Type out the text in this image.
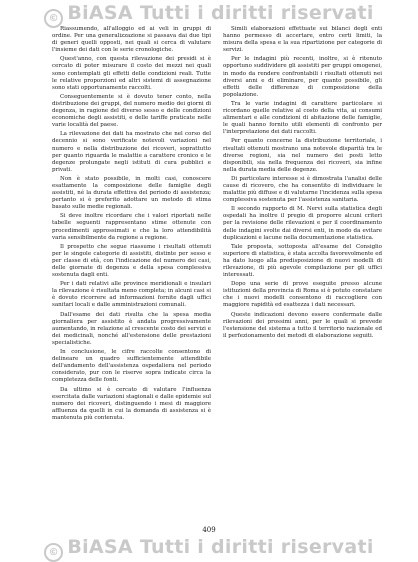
© BiASA Tutti i diritti riservati

Riassumendo, all'alloggio ed ai veli in gruppi di ordine. Per una generalizzazione si passava dai due tipi di generi quelli opposti, nei quali si cerca di valutare l'insieme dei dati con le serie cronologiche.

Quest'anno, con questa rilevazione dei presidi si è cercato di poter misurare il costo dei mezzi nei quali sono contemplati gli effetti delle condizioni reali. Tutte le relative proporzioni ed altri sistemi di assegnazione sono stati opportunamente raccolti.

Conseguentemente si è dovuto tener conto, nella distribuzione dei gruppi, del numero medio dei giorni di degenza, in ragione del diverso sesso e delle condizioni economiche degli assistiti, e delle tariffe praticate nelle varie località del paese.

La rilevazione dei dati ha mostrato che nel corso del decennio si sono verificate notevoli variazioni nel numero e nella distribuzione dei ricoveri, soprattutto per quanto riguarda le malattie a carattere cronico e le degenze prolungate negli istituti di cura pubblici e privati.

Non è stato possibile, in molti casi, conoscere esattamente la composizione delle famiglie degli assistiti, né la durata effettiva del periodo di assistenza; pertanto si è preferito adottare un metodo di stima basato sulle medie regionali.

Si deve inoltre ricordare che i valori riportati nelle tabelle seguenti rappresentano stime ottenute con procedimenti approssimati e che la loro attendibilità varia sensibilmente da regione a regione.

Il prospetto che segue riassume i risultati ottenuti per le singole categorie di assistiti, distinte per sesso e per classe di età, con l'indicazione del numero dei casi, delle giornate di degenza e della spesa complessiva sostenuta dagli enti.

Per i dati relativi alle province meridionali e insulari la rilevazione è risultata meno completa; in alcuni casi si è dovuto ricorrere ad informazioni fornite dagli uffici sanitari locali e dalle amministrazioni comunali.

Dall'esame dei dati risulta che la spesa media giornaliera per assistito è andata progressivamente aumentando, in relazione al crescente costo dei servizi e dei medicinali, nonché all'estensione delle prestazioni specialistiche.

In conclusione, le cifre raccolte consentono di delineare un quadro sufficientemente attendibile dell'andamento dell'assistenza ospedaliera nel periodo considerato, pur con le riserve sopra indicate circa la completezza delle fonti.

Da ultimo si è cercato di valutare l'influenza esercitata dalle variazioni stagionali e dalle epidemie sul numero dei ricoveri, distinguendo i mesi di maggiore affluenza da quelli in cui la domanda di assistenza si è mantenuta più contenuta.

Simili elaborazioni effettuate sui bilanci degli enti hanno permesso di accertare, entro certi limiti, la misura della spesa e la sua ripartizione per categorie di servizi.

Per le indagini più recenti, inoltre, si è ritenuto opportuno suddividere gli assistiti per gruppi omogenei, in modo da rendere confrontabili i risultati ottenuti nei diversi anni e di eliminare, per quanto possibile, gli effetti delle differenze di composizione della popolazione.

Tra le varie indagini di carattere particolare si ricordano quelle relative al costo della vita, ai consumi alimentari e alle condizioni di abitazione delle famiglie, le quali hanno fornito utili elementi di confronto per l'interpretazione dei dati raccolti.

Per quanto concerne la distribuzione territoriale, i risultati ottenuti mostrano una notevole disparità tra le diverse regioni, sia nel numero dei posti letto disponibili, sia nella frequenza dei ricoveri, sia infine nella durata media delle degenze.

Di particolare interesse si è dimostrata l'analisi delle cause di ricovero, che ha consentito di individuare le malattie più diffuse e di valutarne l'incidenza sulla spesa complessiva sostenuta per l'assistenza sanitaria.

Il secondo rapporto di M. Nervi sulla statistica degli ospedali ha inoltre il pregio di proporre alcuni criteri per la revisione delle rilevazioni e per il coordinamento delle indagini svolte dai diversi enti, in modo da evitare duplicazioni e lacune nella documentazione statistica.

Tale proposta, sottoposta all'esame del Consiglio superiore di statistica, è stata accolta favorevolmente ed ha dato luogo alla predisposizione di nuovi modelli di rilevazione, di più agevole compilazione per gli uffici interessati.

Dopo una serie di prove eseguite presso alcune istituzioni della provincia di Roma si è potuto constatare che i nuovi modelli consentono di raccogliere con maggiore rapidità ed esattezza i dati necessari.

Queste indicazioni devono essere confermate dalle rilevazioni dei prossimi anni, per le quali si prevede l'estensione del sistema a tutto il territorio nazionale ed il perfezionamento dei metodi di elaborazione seguiti.

409
© BiASA Tutti i diritti riservati
